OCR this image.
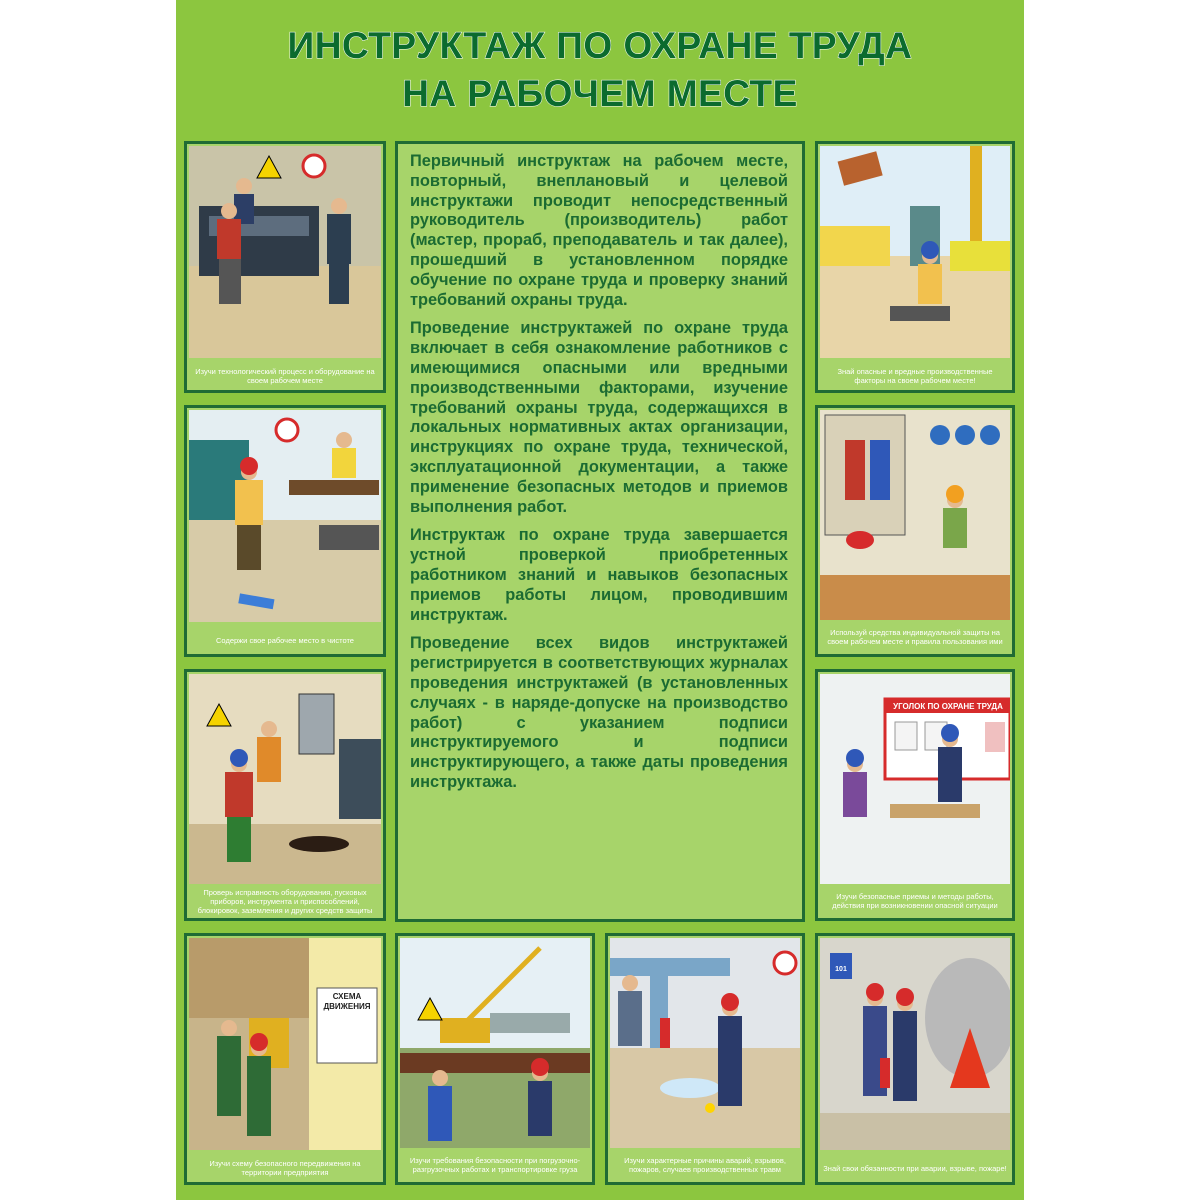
ИНСТРУКТАЖ ПО ОХРАНЕ ТРУДА
НА РАБОЧЕМ МЕСТЕ
Изучи технологический процесс и оборудование на своем рабочем месте
Содержи свое рабочее место в чистоте
Проверь исправность оборудования, пусковых приборов, инструмента и приспособлений, блокировок, заземления и других средств защиты
СХЕМА
ДВИЖЕНИЯ
Изучи схему безопасного передвижения на территории предприятия

Первичный инструктаж на рабочем месте, повторный, внеплановый и целевой инструктажи проводит непосредственный руководитель (производитель) работ (мастер, прораб, преподаватель и так далее), прошедший в установленном порядке обучение по охране труда и проверку знаний требований охраны труда.

Проведение инструктажей по охране труда включает в себя ознакомление работников с имеющимися опасными или вредными производственными факторами, изучение требований охраны труда, содержащихся в локальных нормативных актах организации, инструкциях по охране труда, технической, эксплуатационной документации, а также применение безопасных методов и приемов выполнения работ.

Инструктаж по охране труда завершается устной проверкой приобретенных работником знаний и навыков безопасных приемов работы лицом, проводившим инструктаж.

Проведение всех видов инструктажей регистрируется в соответствующих журналах проведения инструктажей (в установленных случаях - в наряде-допуске на производство работ) с указанием подписи инструктируемого и подписи инструктирующего, а также даты проведения инструктажа.

Изучи требования безопасности при погрузочно-разгрузочных работах и транспортировке груза
Изучи характерные причины аварий, взрывов, пожаров, случаев производственных травм
Знай опасные и вредные производственные факторы на своем рабочем месте!
Используй средства индивидуальной защиты на своем рабочем месте и правила пользования ими
УГОЛОК ПО ОХРАНЕ ТРУДА
Изучи безопасные приемы и методы работы, действия при возникновении опасной ситуации
101
Знай свои обязанности при аварии, взрыве, пожаре!
